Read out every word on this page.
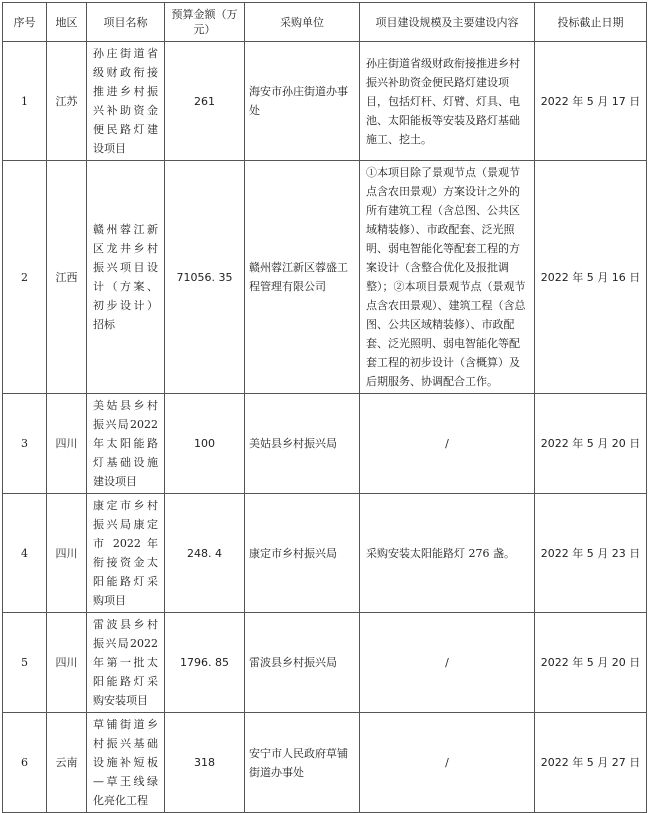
序号	地区	项目名称	预算金额（万元）	采购单位	项目建设规模及主要建设内容	投标截止日期
1	江苏	孙庄街道省级财政衔接推进乡村振兴补助资金便民路灯建设项目	261	海安市孙庄街道办事处	孙庄街道省级财政衔接推进乡村振兴补助资金便民路灯建设项目，包括灯杆、灯臂、灯具、电池、太阳能板等安装及路灯基础施工、挖土。	2022 年 5 月 17 日
2	江西	赣州蓉江新区龙井乡村振兴项目设计（方案、初步设计）招标	71056. 35	赣州蓉江新区蓉盛工程管理有限公司	①本项目除了景观节点（景观节点含农田景观）方案设计之外的所有建筑工程（含总图、公共区域精装修）、市政配套、泛光照明、弱电智能化等配套工程的方案设计（含整合优化及报批调整）；②本项目景观节点（景观节点含农田景观）、建筑工程（含总图、公共区域精装修）、市政配套、泛光照明、弱电智能化等配套工程的初步设计（含概算）及后期服务、协调配合工作。	2022 年 5 月 16 日
3	四川	美姑县乡村振兴局2022年太阳能路灯基础设施建设项目	100	美姑县乡村振兴局	/	2022 年 5 月 20 日
4	四川	康定市乡村振兴局康定市 2022 年衔接资金太阳能路灯采购项目	248. 4	康定市乡村振兴局	采购安装太阳能路灯 276 盏。	2022 年 5 月 23 日
5	四川	雷波县乡村振兴局2022年第一批太阳能路灯采购安装项目	1796. 85	雷波县乡村振兴局	/	2022 年 5 月 20 日
6	云南	草铺街道乡村振兴基础设施补短板—草王线绿化亮化工程	318	安宁市人民政府草铺街道办事处	/	2022 年 5 月 27 日
